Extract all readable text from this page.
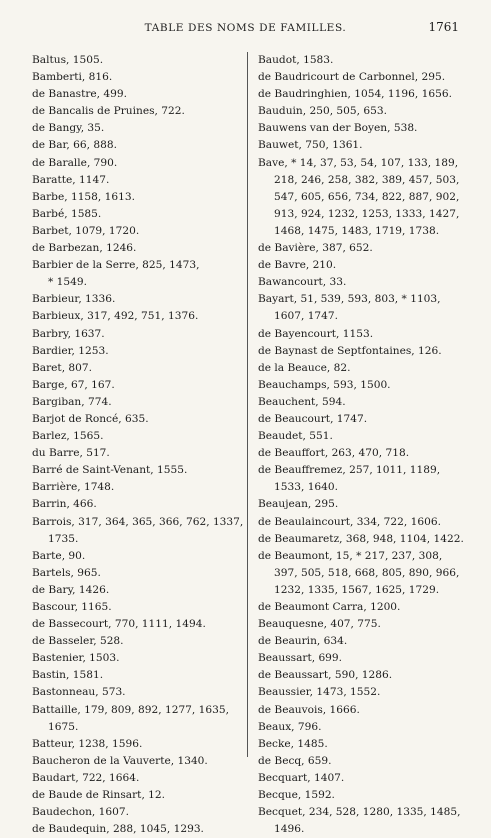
TABLE DES NOMS DE FAMILLES.	1761
Baltus, 1505.
Bamberti, 816.
de Banastre, 499.
de Bancalis de Pruines, 722.
de Bangy, 35.
de Bar, 66, 888.
de Baralle, 790.
Baratte, 1147.
Barbe, 1158, 1613.
Barbé, 1585.
Barbet, 1079, 1720.
de Barbezan, 1246.
Barbier de la Serre, 825, 1473,
* 1549.
Barbieur, 1336.
Barbieux, 317, 492, 751, 1376.
Barbry, 1637.
Bardier, 1253.
Baret, 807.
Barge, 67, 167.
Bargiban, 774.
Barjot de Roncé, 635.
Barlez, 1565.
du Barre, 517.
Barré de Saint-Venant, 1555.
Barrière, 1748.
Barrin, 466.
Barrois, 317, 364, 365, 366, 762, 1337,
1735.
Barte, 90.
Bartels, 965.
de Bary, 1426.
Bascour, 1165.
de Bassecourt, 770, 1111, 1494.
de Basseler, 528.
Bastenier, 1503.
Bastin, 1581.
Bastonneau, 573.
Battaille, 179, 809, 892, 1277, 1635,
1675.
Batteur, 1238, 1596.
Baucheron de la Vauverte, 1340.
Baudart, 722, 1664.
de Baude de Rinsart, 12.
Baudechon, 1607.
de Baudequin, 288, 1045, 1293.
Baudot, 1583.
de Baudricourt de Carbonnel, 295.
de Baudringhien, 1054, 1196, 1656.
Bauduin, 250, 505, 653.
Bauwens van der Boyen, 538.
Bauwet, 750, 1361.
Bave, * 14, 37, 53, 54, 107, 133, 189,
218, 246, 258, 382, 389, 457, 503,
547, 605, 656, 734, 822, 887, 902,
913, 924, 1232, 1253, 1333, 1427,
1468, 1475, 1483, 1719, 1738.
de Bavière, 387, 652.
de Bavre, 210.
Bawancourt, 33.
Bayart, 51, 539, 593, 803, * 1103,
1607, 1747.
de Bayencourt, 1153.
de Baynast de Septfontaines, 126.
de la Beauce, 82.
Beauchamps, 593, 1500.
Beauchent, 594.
de Beaucourt, 1747.
Beaudet, 551.
de Beauffort, 263, 470, 718.
de Beauffremez, 257, 1011, 1189,
1533, 1640.
Beaujean, 295.
de Beaulaincourt, 334, 722, 1606.
de Beaumaretz, 368, 948, 1104, 1422.
de Beaumont, 15, * 217, 237, 308,
397, 505, 518, 668, 805, 890, 966,
1232, 1335, 1567, 1625, 1729.
de Beaumont Carra, 1200.
Beauquesne, 407, 775.
de Beaurin, 634.
Beaussart, 699.
de Beaussart, 590, 1286.
Beaussier, 1473, 1552.
de Beauvois, 1666.
Beaux, 796.
Becke, 1485.
de Becq, 659.
Becquart, 1407.
Becque, 1592.
Becquet, 234, 528, 1280, 1335, 1485,
1496.
